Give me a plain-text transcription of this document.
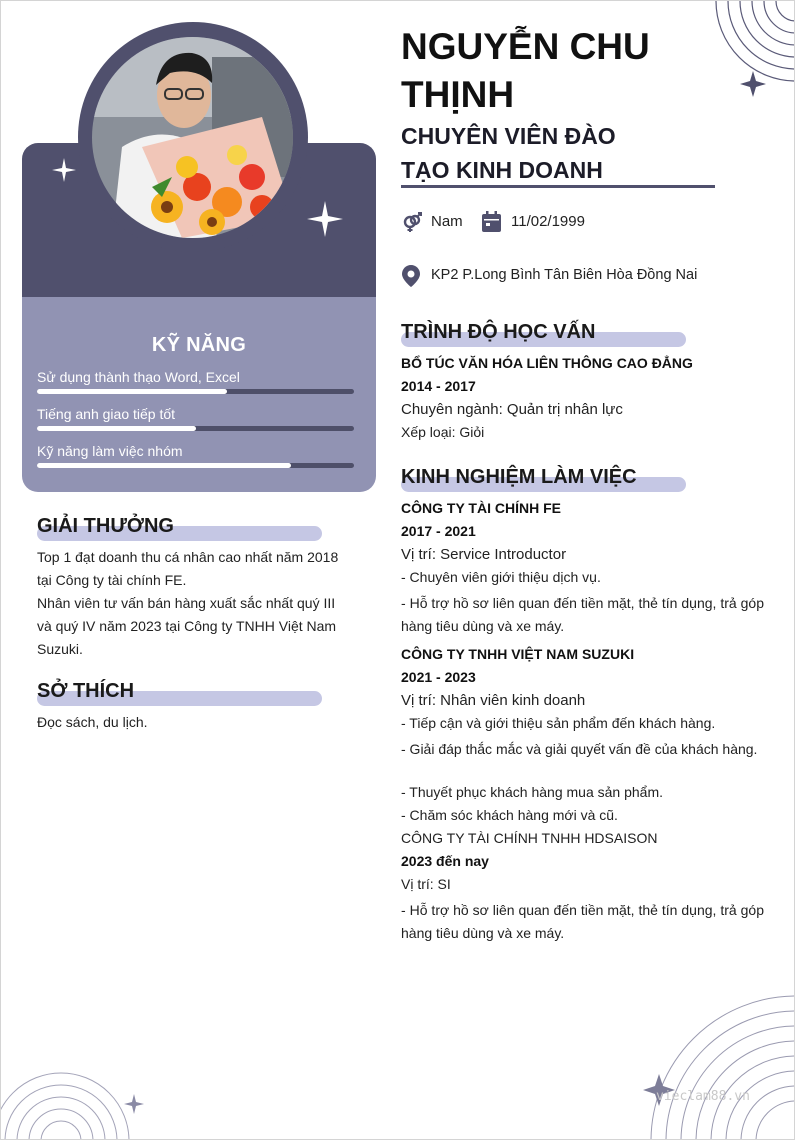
KỸ NĂNG
Sử dụng thành thạo Word, Excel
Tiếng anh giao tiếp tốt
Kỹ năng làm việc nhóm
GIẢI THƯỞNG
Top 1 đạt doanh thu cá nhân cao nhất năm 2018
tại Công ty tài chính FE.
Nhân viên tư vấn bán hàng xuất sắc nhất quý III
và quý IV năm 2023 tại Công ty TNHH Việt Nam
Suzuki.
SỞ THÍCH
Đọc sách, du lịch.
NGUYỄN CHU
THỊNH
CHUYÊN VIÊN ĐÀO
TẠO KINH DOANH
Nam	11/02/1999
KP2 P.Long Bình Tân Biên Hòa Đồng Nai
TRÌNH ĐỘ HỌC VẤN
BỔ TÚC VĂN HÓA LIÊN THÔNG CAO ĐẲNG
2014 - 2017
Chuyên ngành: Quản trị nhân lực
Xếp loại: Giỏi
KINH NGHIỆM LÀM VIỆC
CÔNG TY TÀI CHÍNH FE
2017 - 2021
Vị trí: Service Introductor
- Chuyên viên giới thiệu dịch vụ.
- Hỗ trợ hồ sơ liên quan đến tiền mặt, thẻ tín dụng, trả góp hàng tiêu dùng và xe máy.
CÔNG TY TNHH VIỆT NAM SUZUKI
2021 - 2023
Vị trí: Nhân viên kinh doanh
- Tiếp cận và giới thiệu sản phẩm đến khách hàng.
- Giải đáp thắc mắc và giải quyết vấn đề của khách hàng.
- Thuyết phục khách hàng mua sản phẩm.
- Chăm sóc khách hàng mới và cũ.
CÔNG TY TÀI CHÍNH TNHH HDSAISON
2023 đến nay
Vị trí: SI
- Hỗ trợ hồ sơ liên quan đến tiền mặt, thẻ tín dụng, trả góp hàng tiêu dùng và xe máy.
vieclam88.vn
